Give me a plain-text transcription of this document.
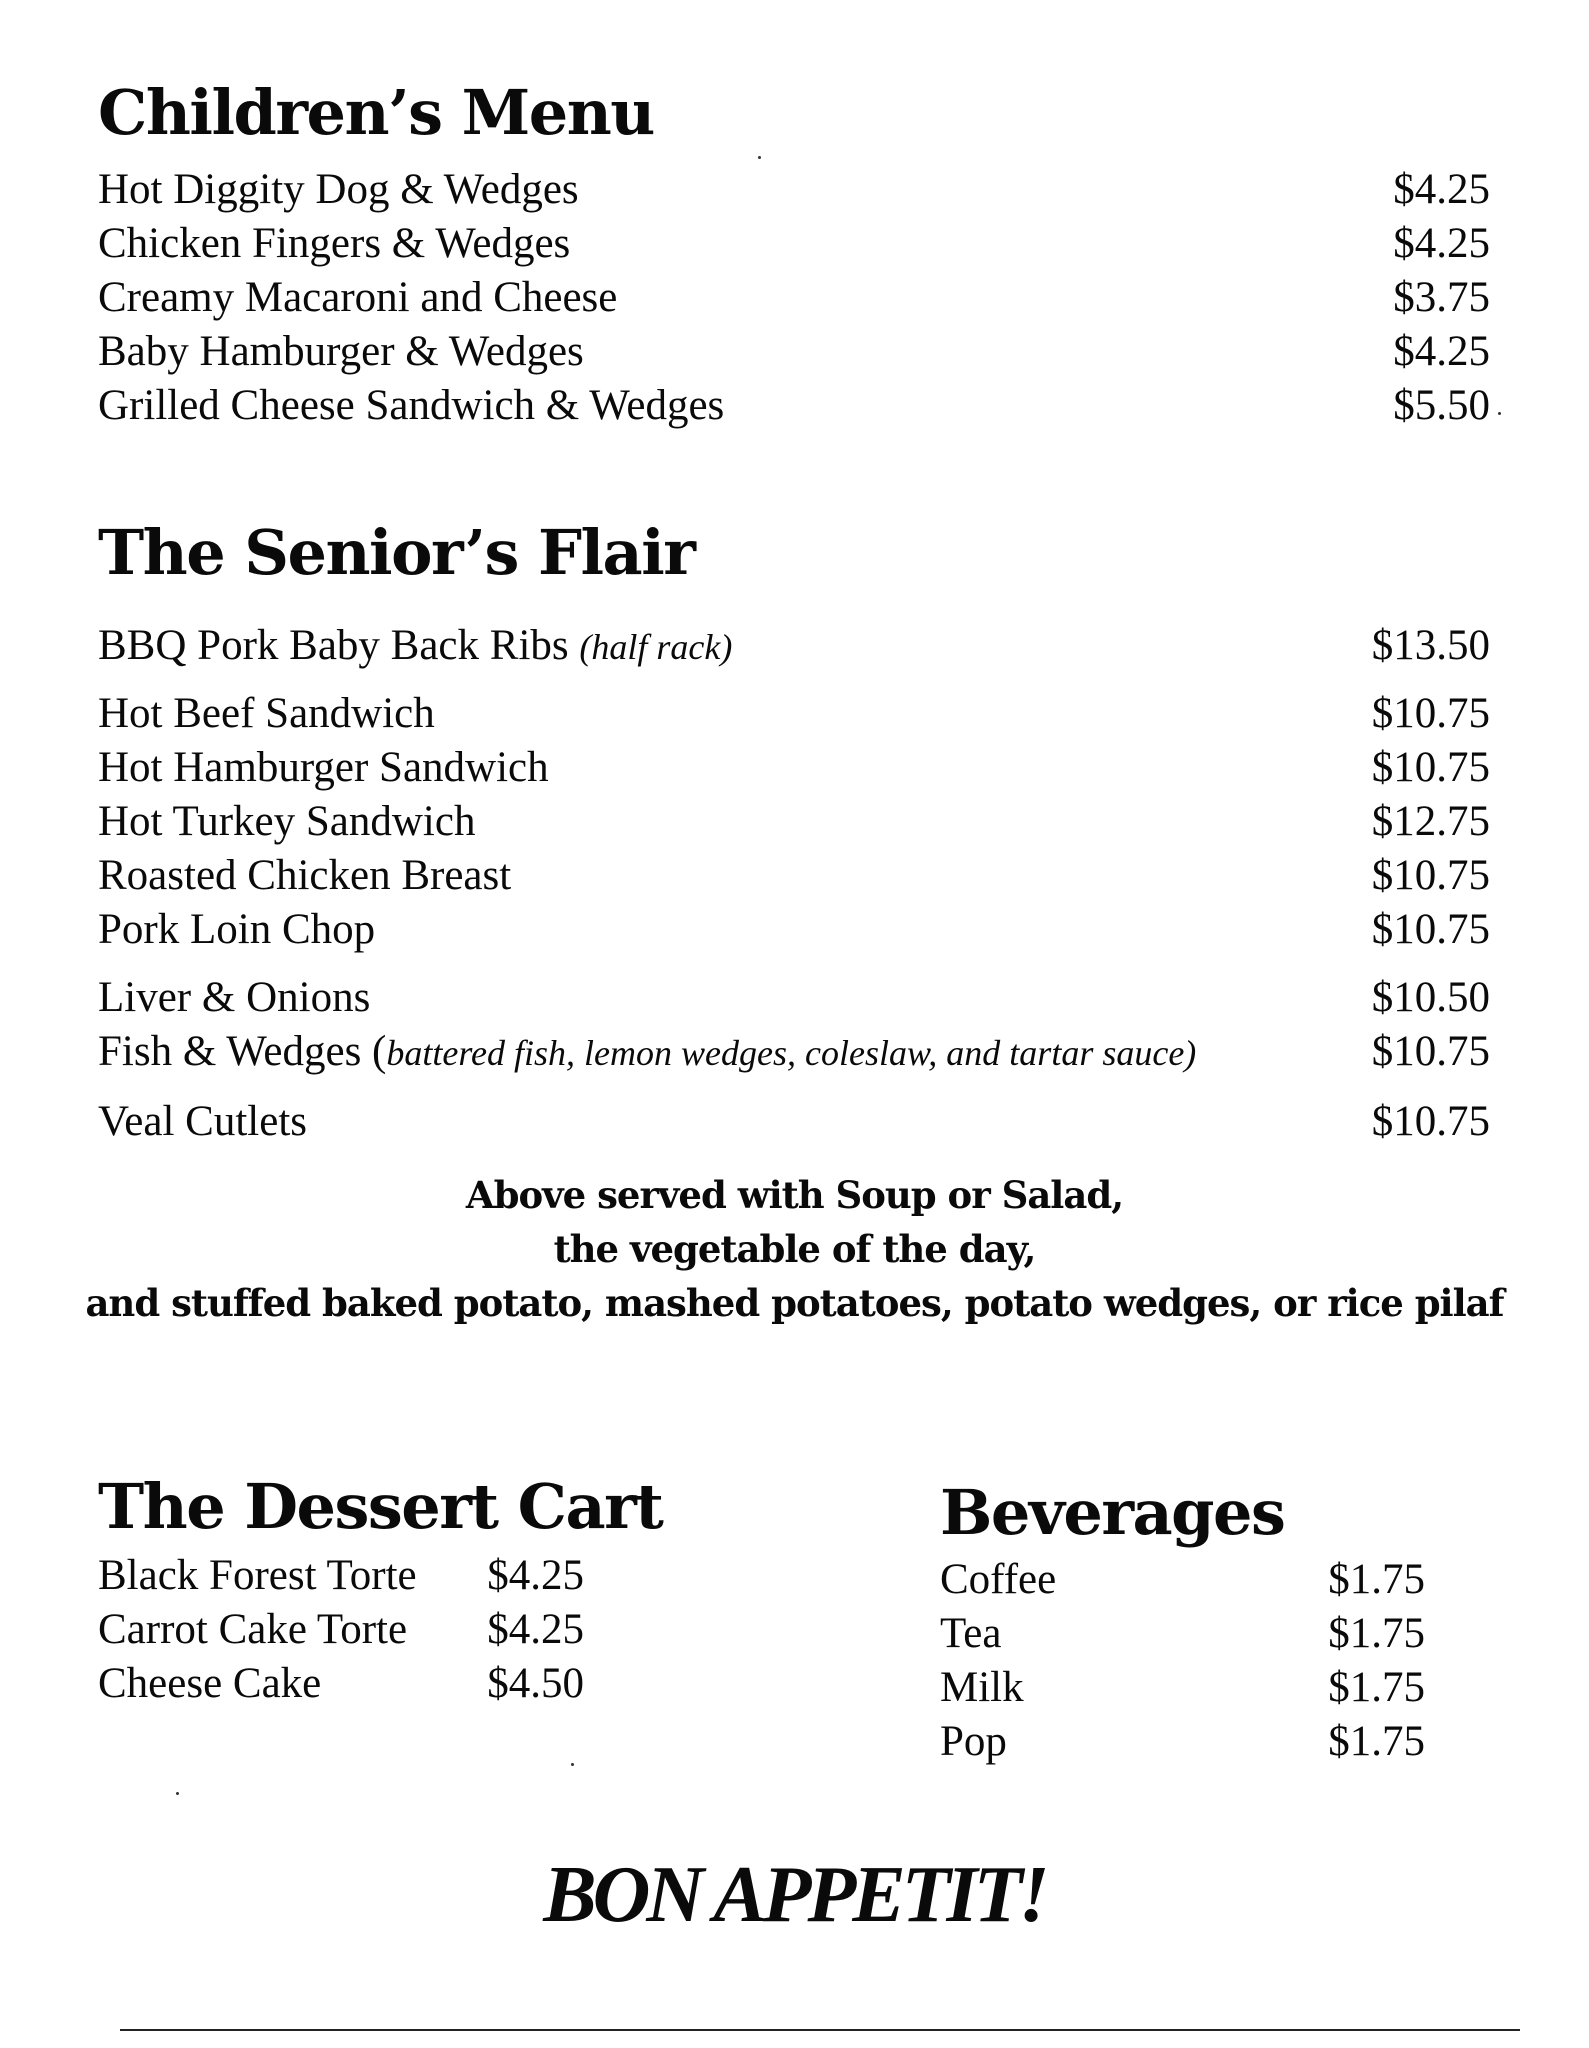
Children’s Menu
Hot Diggity Dog & Wedges	$4.25
Chicken Fingers & Wedges	$4.25
Creamy Macaroni and Cheese	$3.75
Baby Hamburger & Wedges	$4.25
Grilled Cheese Sandwich & Wedges	$5.50
The Senior’s Flair
BBQ Pork Baby Back Ribs (half rack)	$13.50
Hot Beef Sandwich	$10.75
Hot Hamburger Sandwich	$10.75
Hot Turkey Sandwich	$12.75
Roasted Chicken Breast	$10.75
Pork Loin Chop	$10.75
Liver & Onions	$10.50
Fish & Wedges (battered fish, lemon wedges, coleslaw, and tartar sauce)	$10.75
Veal Cutlets	$10.75

Above served with Soup or Salad,
the vegetable of the day,
and stuffed baked potato, mashed potatoes, potato wedges, or rice pilaf

The Dessert Cart
Black Forest Torte $4.25
Carrot Cake Torte $4.25
Cheese Cake	$4.50
Beverages
Coffee	$1.75
Tea	$1.75
Milk	$1.75
Pop	$1.75
BON APPETIT!
